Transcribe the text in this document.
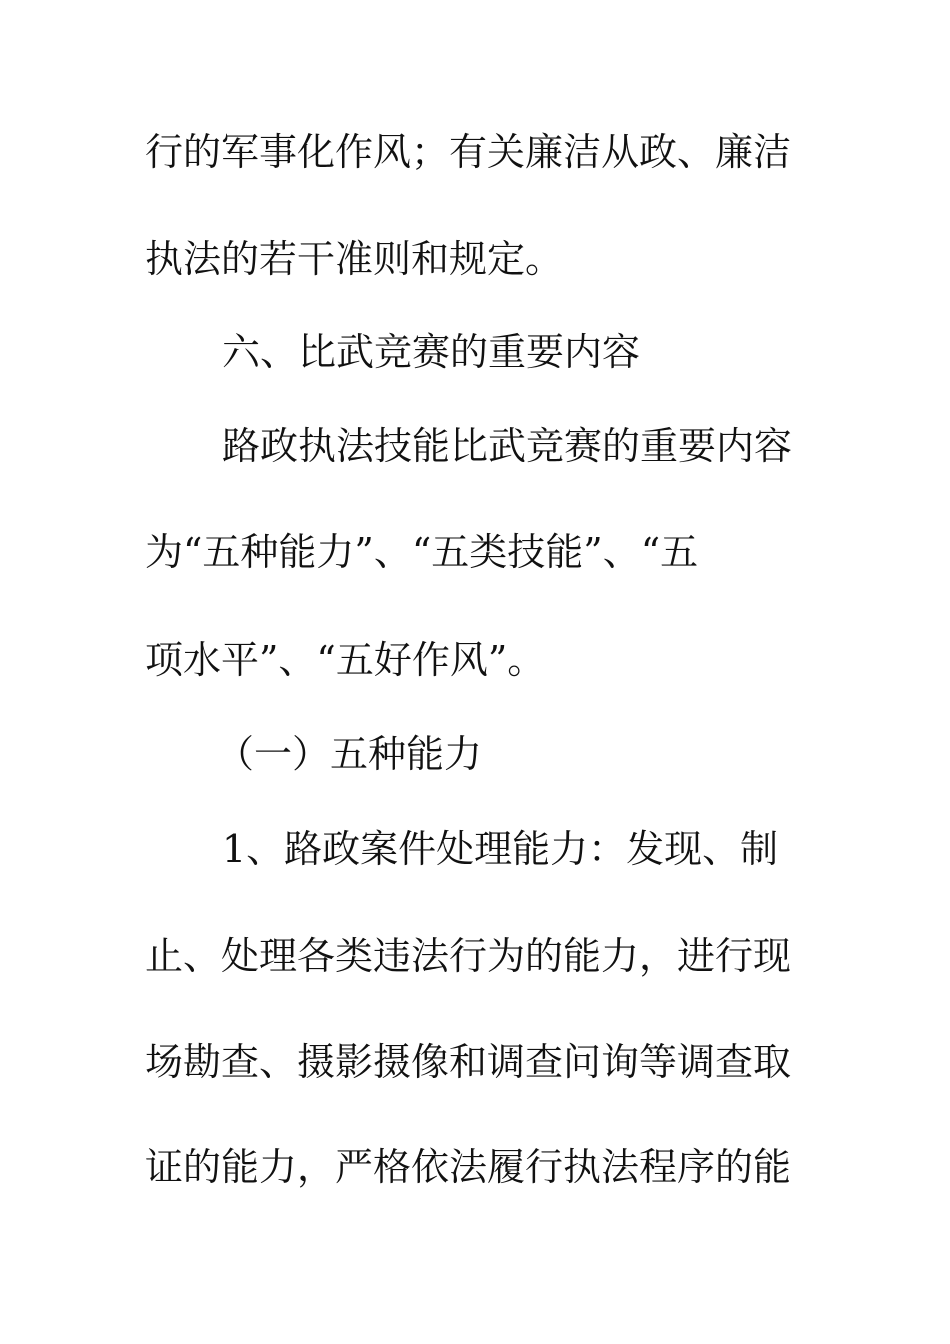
行的军事化作风；有关廉洁从政、廉洁
执法的若干准则和规定。
六、比武竞赛的重要内容
路政执法技能比武竞赛的重要内容
为“五种能力”、“五类技能”、“五
项水平”、“五好作风”。
（一）五种能力
1、路政案件处理能力：发现、制
止、处理各类违法行为的能力，进行现
场勘查、摄影摄像和调查问询等调查取
证的能力，严格依法履行执法程序的能
